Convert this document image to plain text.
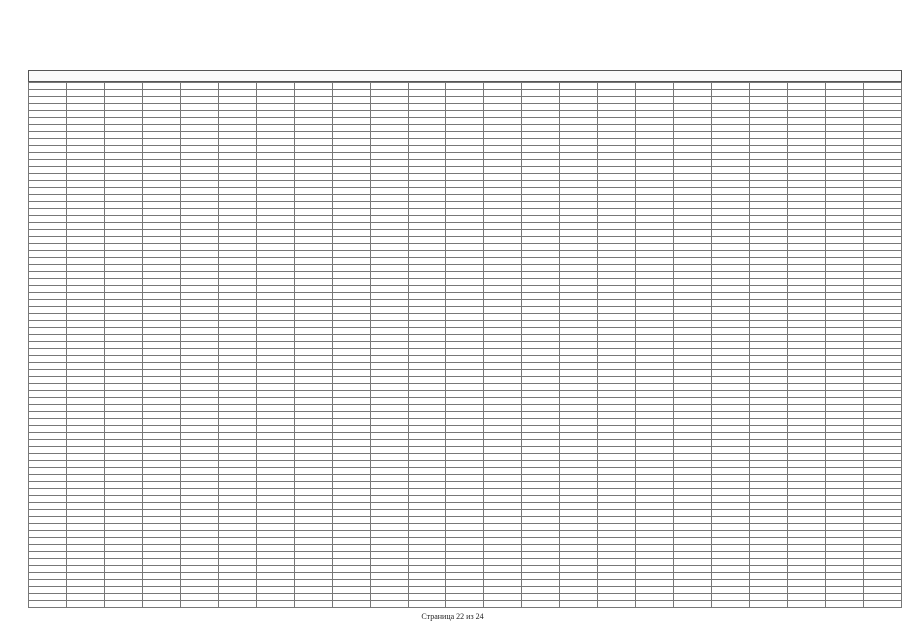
Страница 22 из 24
